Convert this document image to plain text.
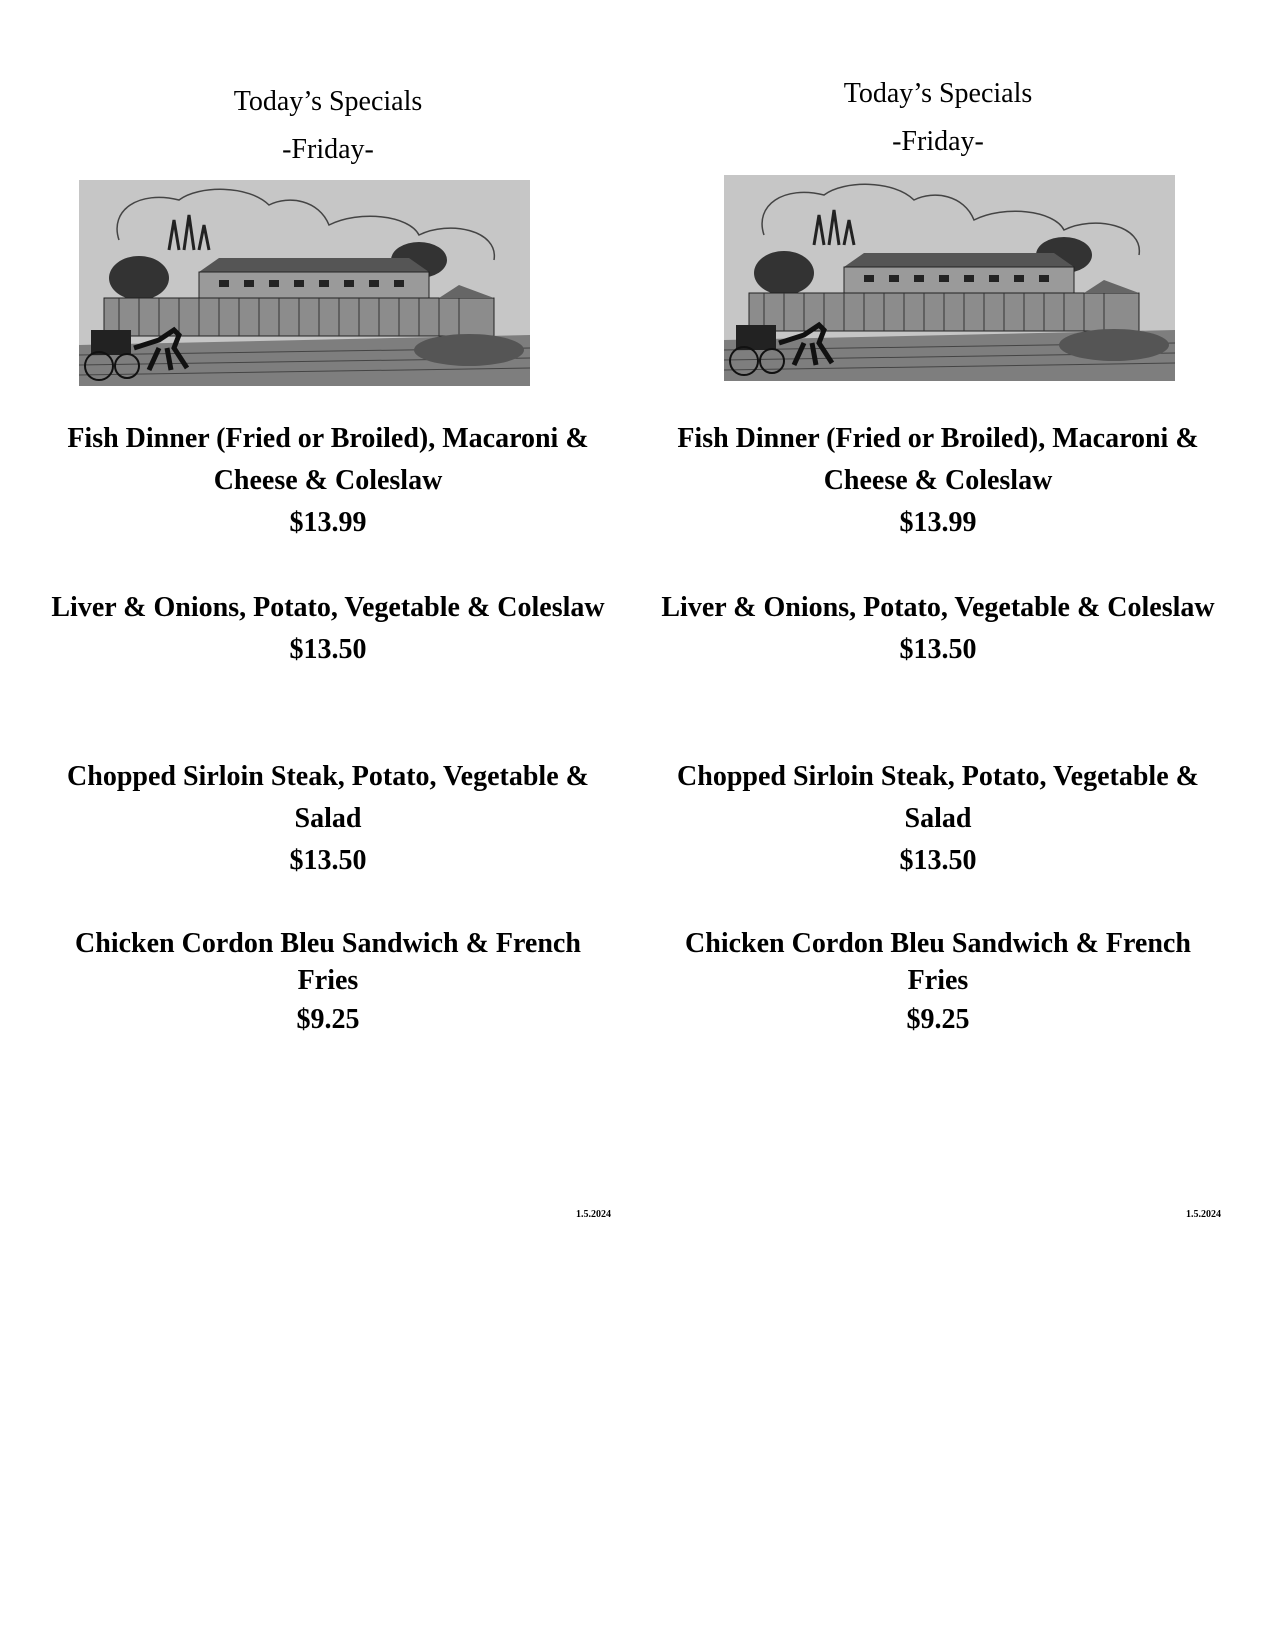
Today’s Specials
-Friday-
Fish Dinner (Fried or Broiled), Macaroni & Cheese & Coleslaw
$13.99
Liver & Onions, Potato, Vegetable & Coleslaw
$13.50
Chopped Sirloin Steak, Potato, Vegetable & Salad
$13.50
Chicken Cordon Bleu Sandwich & French Fries
$9.25
1.5.2024
Today’s Specials
-Friday-
Fish Dinner (Fried or Broiled), Macaroni & Cheese & Coleslaw
$13.99
Liver & Onions, Potato, Vegetable & Coleslaw
$13.50
Chopped Sirloin Steak, Potato, Vegetable & Salad
$13.50
Chicken Cordon Bleu Sandwich & French Fries
$9.25
1.5.2024
